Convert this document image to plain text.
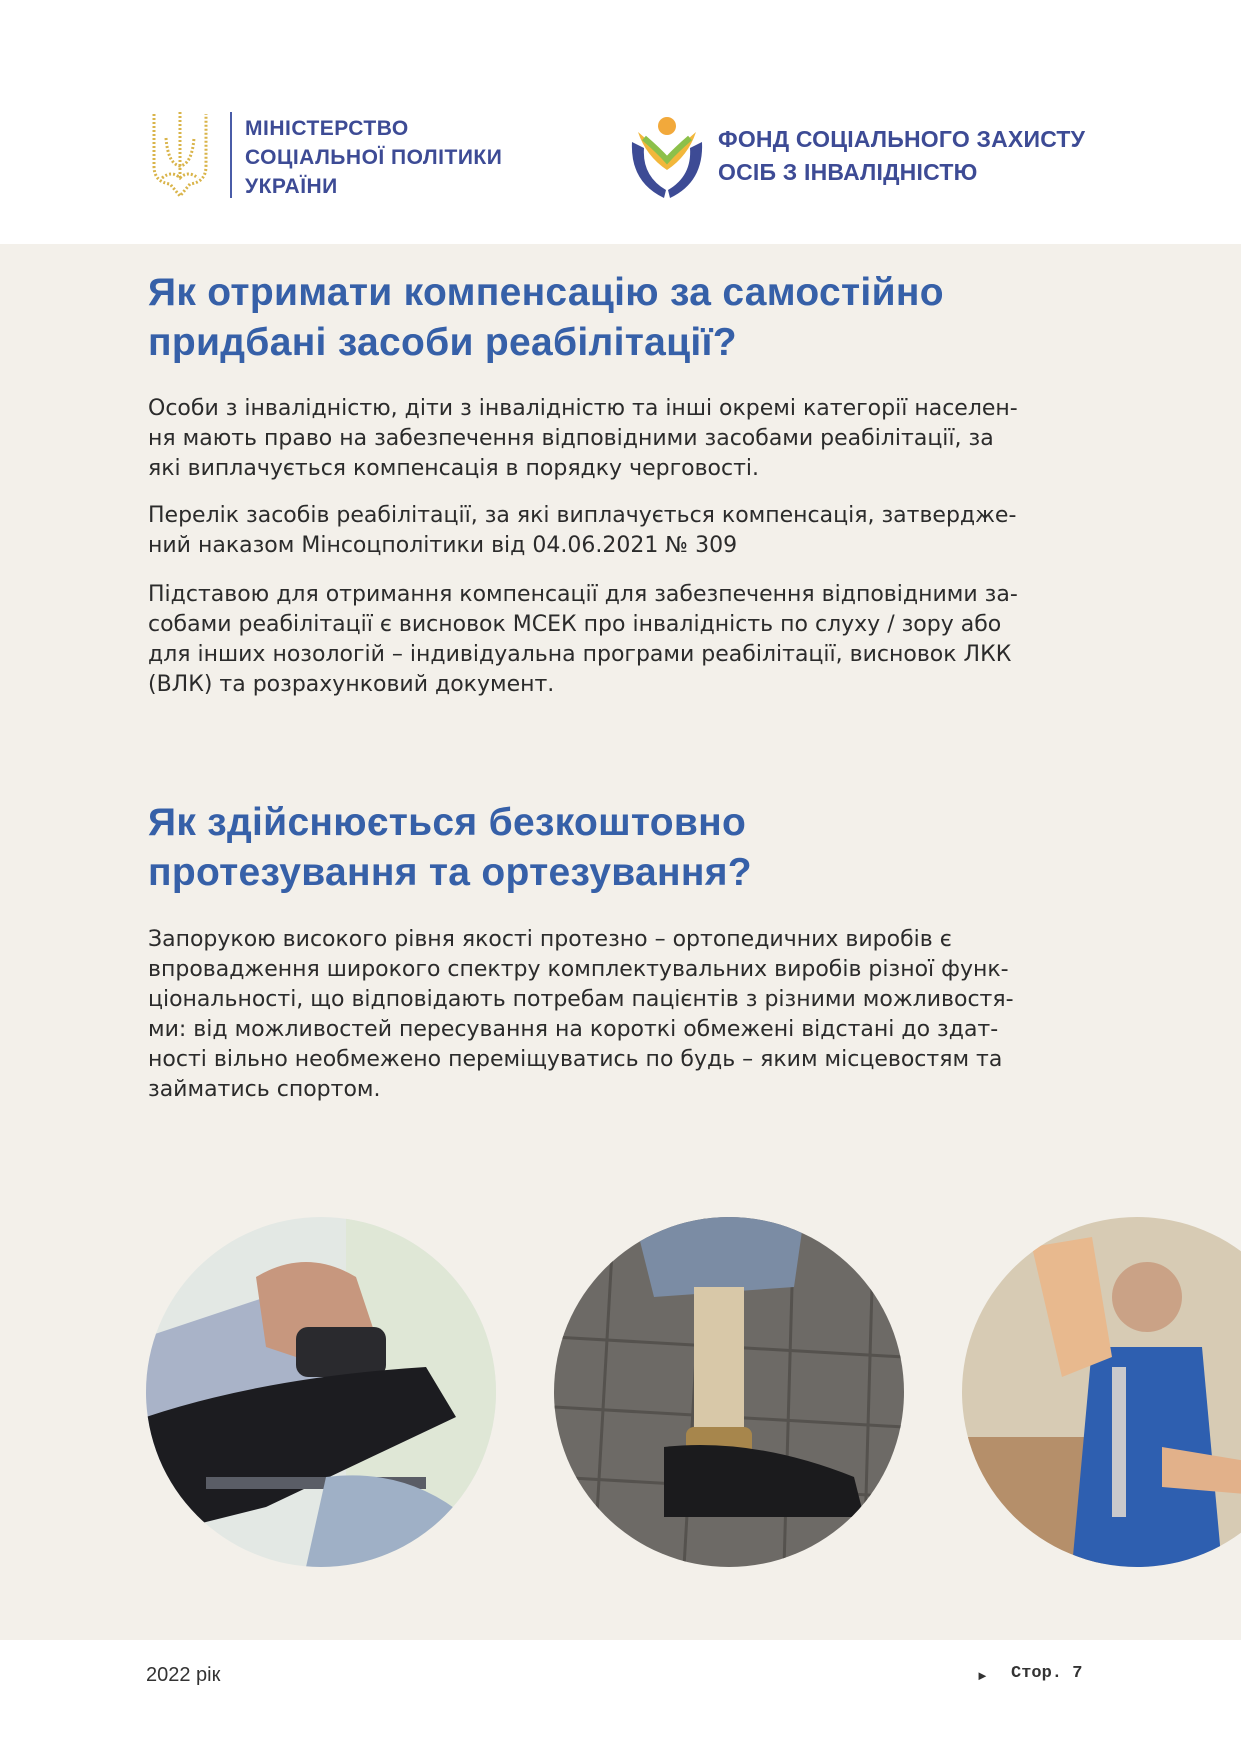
МІНІСТЕРСТВО
СОЦІАЛЬНОЇ ПОЛІТИКИ
УКРАЇНИ
ФОНД СОЦІАЛЬНОГО ЗАХИСТУ
ОСІБ З ІНВАЛІДНІСТЮ
Як отримати компенсацію за самостійно
придбані засоби реабілітації?
Особи з інвалідністю, діти з інвалідністю та інші окремі категорії населен-
ня мають право на забезпечення відповідними засобами реабілітації, за
які виплачується компенсація в порядку черговості.
Перелік засобів реабілітації, за які виплачується компенсація, затвердже-
ний наказом Мінсоцполітики від 04.06.2021 № 309
Підставою для отримання компенсації для забезпечення відповідними за-
собами реабілітації є висновок МСЕК про інвалідність по слуху / зору або
для інших нозологій – індивідуальна програми реабілітації, висновок ЛКК
(ВЛК) та розрахунковий документ.
Як здійснюється безкоштовно
протезування та ортезування?
Запорукою високого рівня якості протезно – ортопедичних виробів є
впровадження широкого спектру комплектувальних виробів різної функ-
ціональності, що відповідають потребам пацієнтів з різними можливостя-
ми: від можливостей пересування на короткі обмежені відстані до здат-
ності вільно необмежено переміщуватись по будь – яким місцевостям та
займатись спортом.
2022 рік	► Стор. 7
